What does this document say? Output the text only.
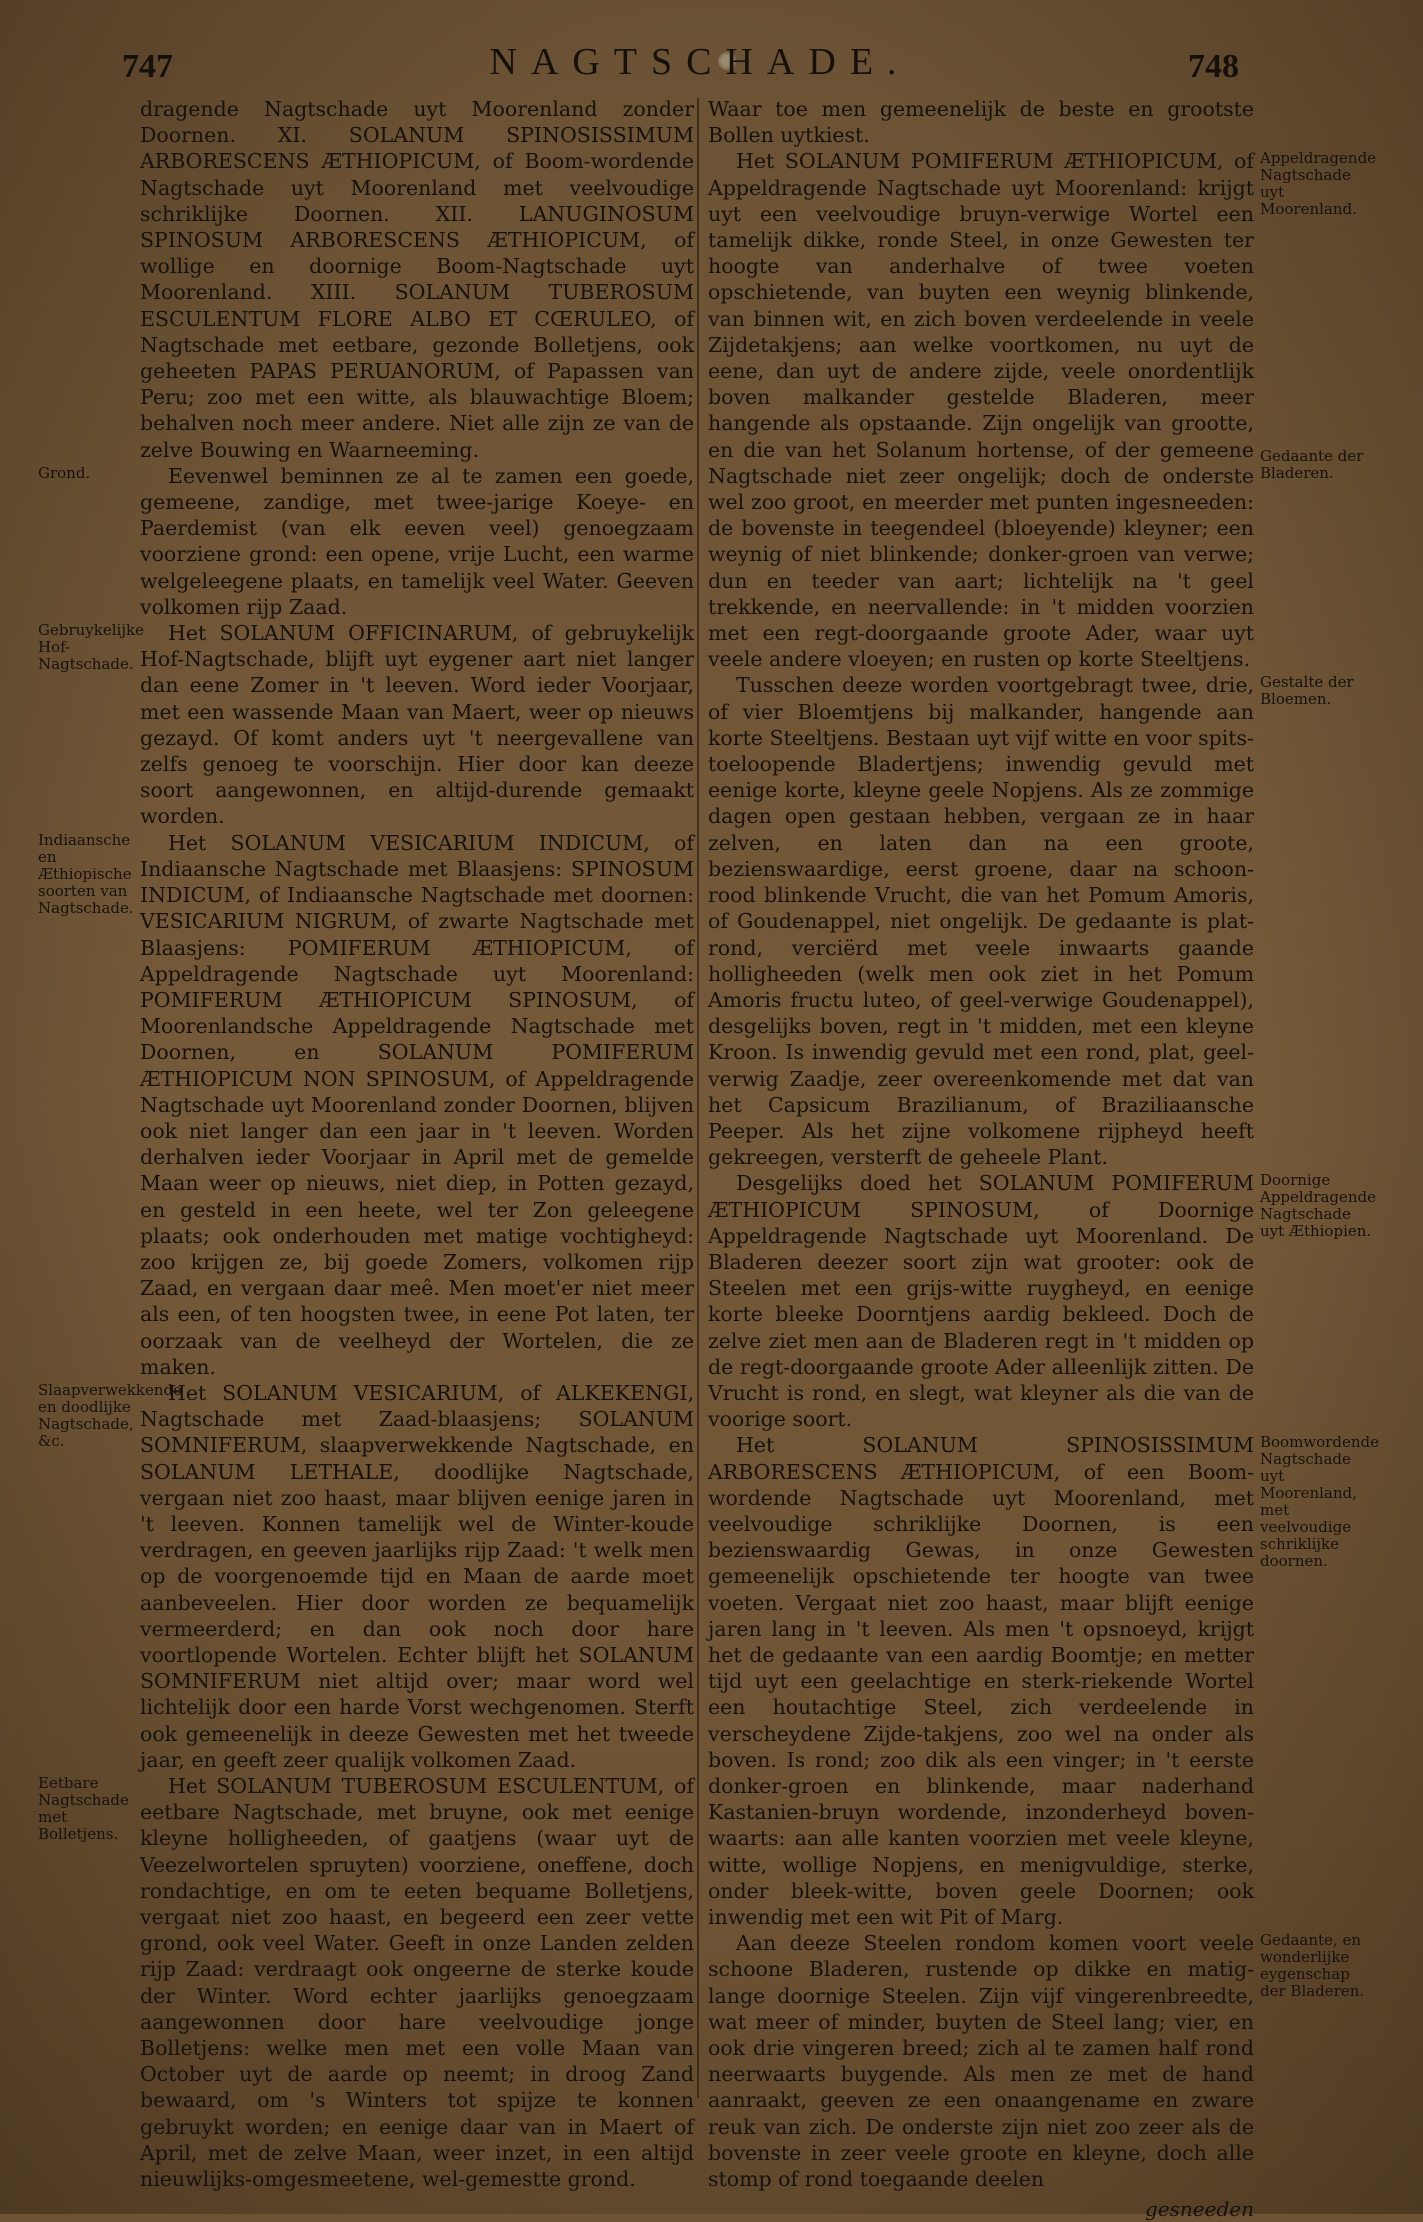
747	NAGTSCHADE.	748
dragende Nagtschade uyt Moorenland zonder Doornen. XI. SOLANUM SPINOSISSIMUM ARBORESCENS ÆTHIOPICUM, of Boom-wordende Nagtschade uyt Moorenland met veelvoudige schriklijke Doornen. XII. LANUGINOSUM SPINOSUM ARBORESCENS ÆTHIOPICUM, of wollige en doornige Boom-Nagtschade uyt Moorenland. XIII. SOLANUM TUBEROSUM ESCULENTUM FLORE ALBO ET CŒRULEO, of Nagtschade met eetbare, gezonde Bolletjens, ook geheeten PAPAS PERUANORUM, of Papassen van Peru; zoo met een witte, als blauwachtige Bloem; behalven noch meer andere. Niet alle zijn ze van de zelve Bouwing en Waarneeming.
Grond.	Eevenwel beminnen ze al te zamen een goede, gemeene, zandige, met twee-jarige Koeye- en Paerdemist (van elk eeven veel) genoegzaam voorziene grond: een opene, vrije Lucht, een warme welgeleegene plaats, en tamelijk veel Water. Geeven volkomen rijp Zaad.
Gebruykelijke Hof-Nagtschade.
Het SOLANUM OFFICINARUM, of gebruykelijk Hof-Nagtschade, blijft uyt eygener aart niet langer dan eene Zomer in 't leeven. Word ieder Voorjaar, met een wassende Maan van Maert, weer op nieuws gezayd. Of komt anders uyt 't neergevallene van zelfs genoeg te voorschijn. Hier door kan deeze soort aangewonnen, en altijd-durende gemaakt worden.
Indiaansche en Æthiopische soorten van Nagtschade.
Het SOLANUM VESICARIUM INDICUM, of Indiaansche Nagtschade met Blaasjens: SPINOSUM INDICUM, of Indiaansche Nagtschade met doornen: VESICARIUM NIGRUM, of zwarte Nagtschade met Blaasjens: POMIFERUM ÆTHIOPICUM, of Appeldragende Nagtschade uyt Moorenland: POMIFERUM ÆTHIOPICUM SPINOSUM, of Moorenlandsche Appeldragende Nagtschade met Doornen, en SOLANUM POMIFERUM ÆTHIOPICUM NON SPINOSUM, of Appeldragende Nagtschade uyt Moorenland zonder Doornen, blijven ook niet langer dan een jaar in 't leeven. Worden derhalven ieder Voorjaar in April met de gemelde Maan weer op nieuws, niet diep, in Potten gezayd, en gesteld in een heete, wel ter Zon geleegene plaats; ook onderhouden met matige vochtigheyd: zoo krijgen ze, bij goede Zomers, volkomen rijp Zaad, en vergaan daar meê. Men moet'er niet meer als een, of ten hoogsten twee, in eene Pot laten, ter oorzaak van de veelheyd der Wortelen, die ze maken.
Slaapverwekkende en doodlijke Nagtschade, &c.
Het SOLANUM VESICARIUM, of ALKEKENGI, Nagtschade met Zaad-blaasjens; SOLANUM SOMNIFERUM, slaapverwekkende Nagtschade, en SOLANUM LETHALE, doodlijke Nagtschade, vergaan niet zoo haast, maar blijven eenige jaren in 't leeven. Konnen tamelijk wel de Winter-koude verdragen, en geeven jaarlijks rijp Zaad: 't welk men op de voorgenoemde tijd en Maan de aarde moet aanbeveelen. Hier door worden ze bequamelijk vermeerderd; en dan ook noch door hare voortlopende Wortelen. Echter blijft het SOLANUM SOMNIFERUM niet altijd over; maar word wel lichtelijk door een harde Vorst wechgenomen. Sterft ook gemeenelijk in deeze Gewesten met het tweede jaar, en geeft zeer qualijk volkomen Zaad.
Eetbare Nagtschade met Bolletjens.
Het SOLANUM TUBEROSUM ESCULENTUM, of eetbare Nagtschade, met bruyne, ook met eenige kleyne holligheeden, of gaatjens (waar uyt de Veezelwortelen spruyten) voorziene, oneffene, doch rondachtige, en om te eeten bequame Bolletjens, vergaat niet zoo haast, en begeerd een zeer vette grond, ook veel Water. Geeft in onze Landen zelden rijp Zaad: verdraagt ook ongeerne de sterke koude der Winter. Word echter jaarlijks genoegzaam aangewonnen door hare veelvoudige jonge Bolletjens: welke men met een volle Maan van October uyt de aarde op neemt; in droog Zand bewaard, om 's Winters tot spijze te konnen gebruykt worden; en eenige daar van in Maert of April, met de zelve Maan, weer inzet, in een altijd nieuwlijks-omgesmeetene, wel-gemestte grond.
Waar toe men gemeenelijk de beste en grootste Bollen uytkiest.
Appeldragende Nagtschade uyt Moorenland.
Gedaante der Bladeren.
Het SOLANUM POMIFERUM ÆTHIOPICUM, of Appeldragende Nagtschade uyt Moorenland: krijgt uyt een veelvoudige bruyn-verwige Wortel een tamelijk dikke, ronde Steel, in onze Gewesten ter hoogte van anderhalve of twee voeten opschietende, van buyten een weynig blinkende, van binnen wit, en zich boven verdeelende in veele Zijdetakjens; aan welke voortkomen, nu uyt de eene, dan uyt de andere zijde, veele onordentlijk boven malkander gestelde Bladeren, meer hangende als opstaande. Zijn ongelijk van grootte, en die van het Solanum hortense, of der gemeene Nagtschade niet zeer ongelijk; doch de onderste wel zoo groot, en meerder met punten ingesneeden: de bovenste in teegendeel (bloeyende) kleyner; een weynig of niet blinkende; donker-groen van verwe; dun en teeder van aart; lichtelijk na 't geel trekkende, en neervallende: in 't midden voorzien met een regt-doorgaande groote Ader, waar uyt veele andere vloeyen; en rusten op korte Steeltjens.
Gestalte der Bloemen.
Tusschen deeze worden voortgebragt twee, drie, of vier Bloemtjens bij malkander, hangende aan korte Steeltjens. Bestaan uyt vijf witte en voor spits-toeloopende Bladertjens; inwendig gevuld met eenige korte, kleyne geele Nopjens. Als ze zommige dagen open gestaan hebben, vergaan ze in haar zelven, en laten dan na een groote, bezienswaardige, eerst groene, daar na schoon-rood blinkende Vrucht, die van het Pomum Amoris, of Goudenappel, niet ongelijk. De gedaante is plat-rond, verciërd met veele inwaarts gaande holligheeden (welk men ook ziet in het Pomum Amoris fructu luteo, of geel-verwige Goudenappel), desgelijks boven, regt in 't midden, met een kleyne Kroon. Is inwendig gevuld met een rond, plat, geel-verwig Zaadje, zeer overeenkomende met dat van het Capsicum Brazilianum, of Braziliaansche Peeper. Als het zijne volkomene rijpheyd heeft gekreegen, versterft de geheele Plant.
Doornige Appeldragende Nagtschade uyt Æthiopien.
Desgelijks doed het SOLANUM POMIFERUM ÆTHIOPICUM SPINOSUM, of Doornige Appeldragende Nagtschade uyt Moorenland. De Bladeren deezer soort zijn wat grooter: ook de Steelen met een grijs-witte ruygheyd, en eenige korte bleeke Doorntjens aardig bekleed. Doch de zelve ziet men aan de Bladeren regt in 't midden op de regt-doorgaande groote Ader alleenlijk zitten. De Vrucht is rond, en slegt, wat kleyner als die van de voorige soort.
Boomwordende Nagtschade uyt Moorenland, met veelvoudige schriklijke doornen.
Het SOLANUM SPINOSISSIMUM ARBORESCENS ÆTHIOPICUM, of een Boom-wordende Nagtschade uyt Moorenland, met veelvoudige schriklijke Doornen, is een bezienswaardig Gewas, in onze Gewesten gemeenelijk opschietende ter hoogte van twee voeten. Vergaat niet zoo haast, maar blijft eenige jaren lang in 't leeven. Als men 't opsnoeyd, krijgt het de gedaante van een aardig Boomtje; en metter tijd uyt een geelachtige en sterk-riekende Wortel een houtachtige Steel, zich verdeelende in verscheydene Zijde-takjens, zoo wel na onder als boven. Is rond; zoo dik als een vinger; in 't eerste donker-groen en blinkende, maar naderhand Kastanien-bruyn wordende, inzonderheyd boven-waarts: aan alle kanten voorzien met veele kleyne, witte, wollige Nopjens, en menigvuldige, sterke, onder bleek-witte, boven geele Doornen; ook inwendig met een wit Pit of Marg.
Gedaante, en wonderlijke eygenschap der Bladeren.
Aan deeze Steelen rondom komen voort veele schoone Bladeren, rustende op dikke en matig-lange doornige Steelen. Zijn vijf vingerenbreedte, wat meer of minder, buyten de Steel lang; vier, en ook drie vingeren breed; zich al te zamen half rond neerwaarts buygende. Als men ze met de hand aanraakt, geeven ze een onaangename en zware reuk van zich. De onderste zijn niet zoo zeer als de bovenste in zeer veele groote en kleyne, doch alle stomp of rond toegaande deelen
gesneeden
